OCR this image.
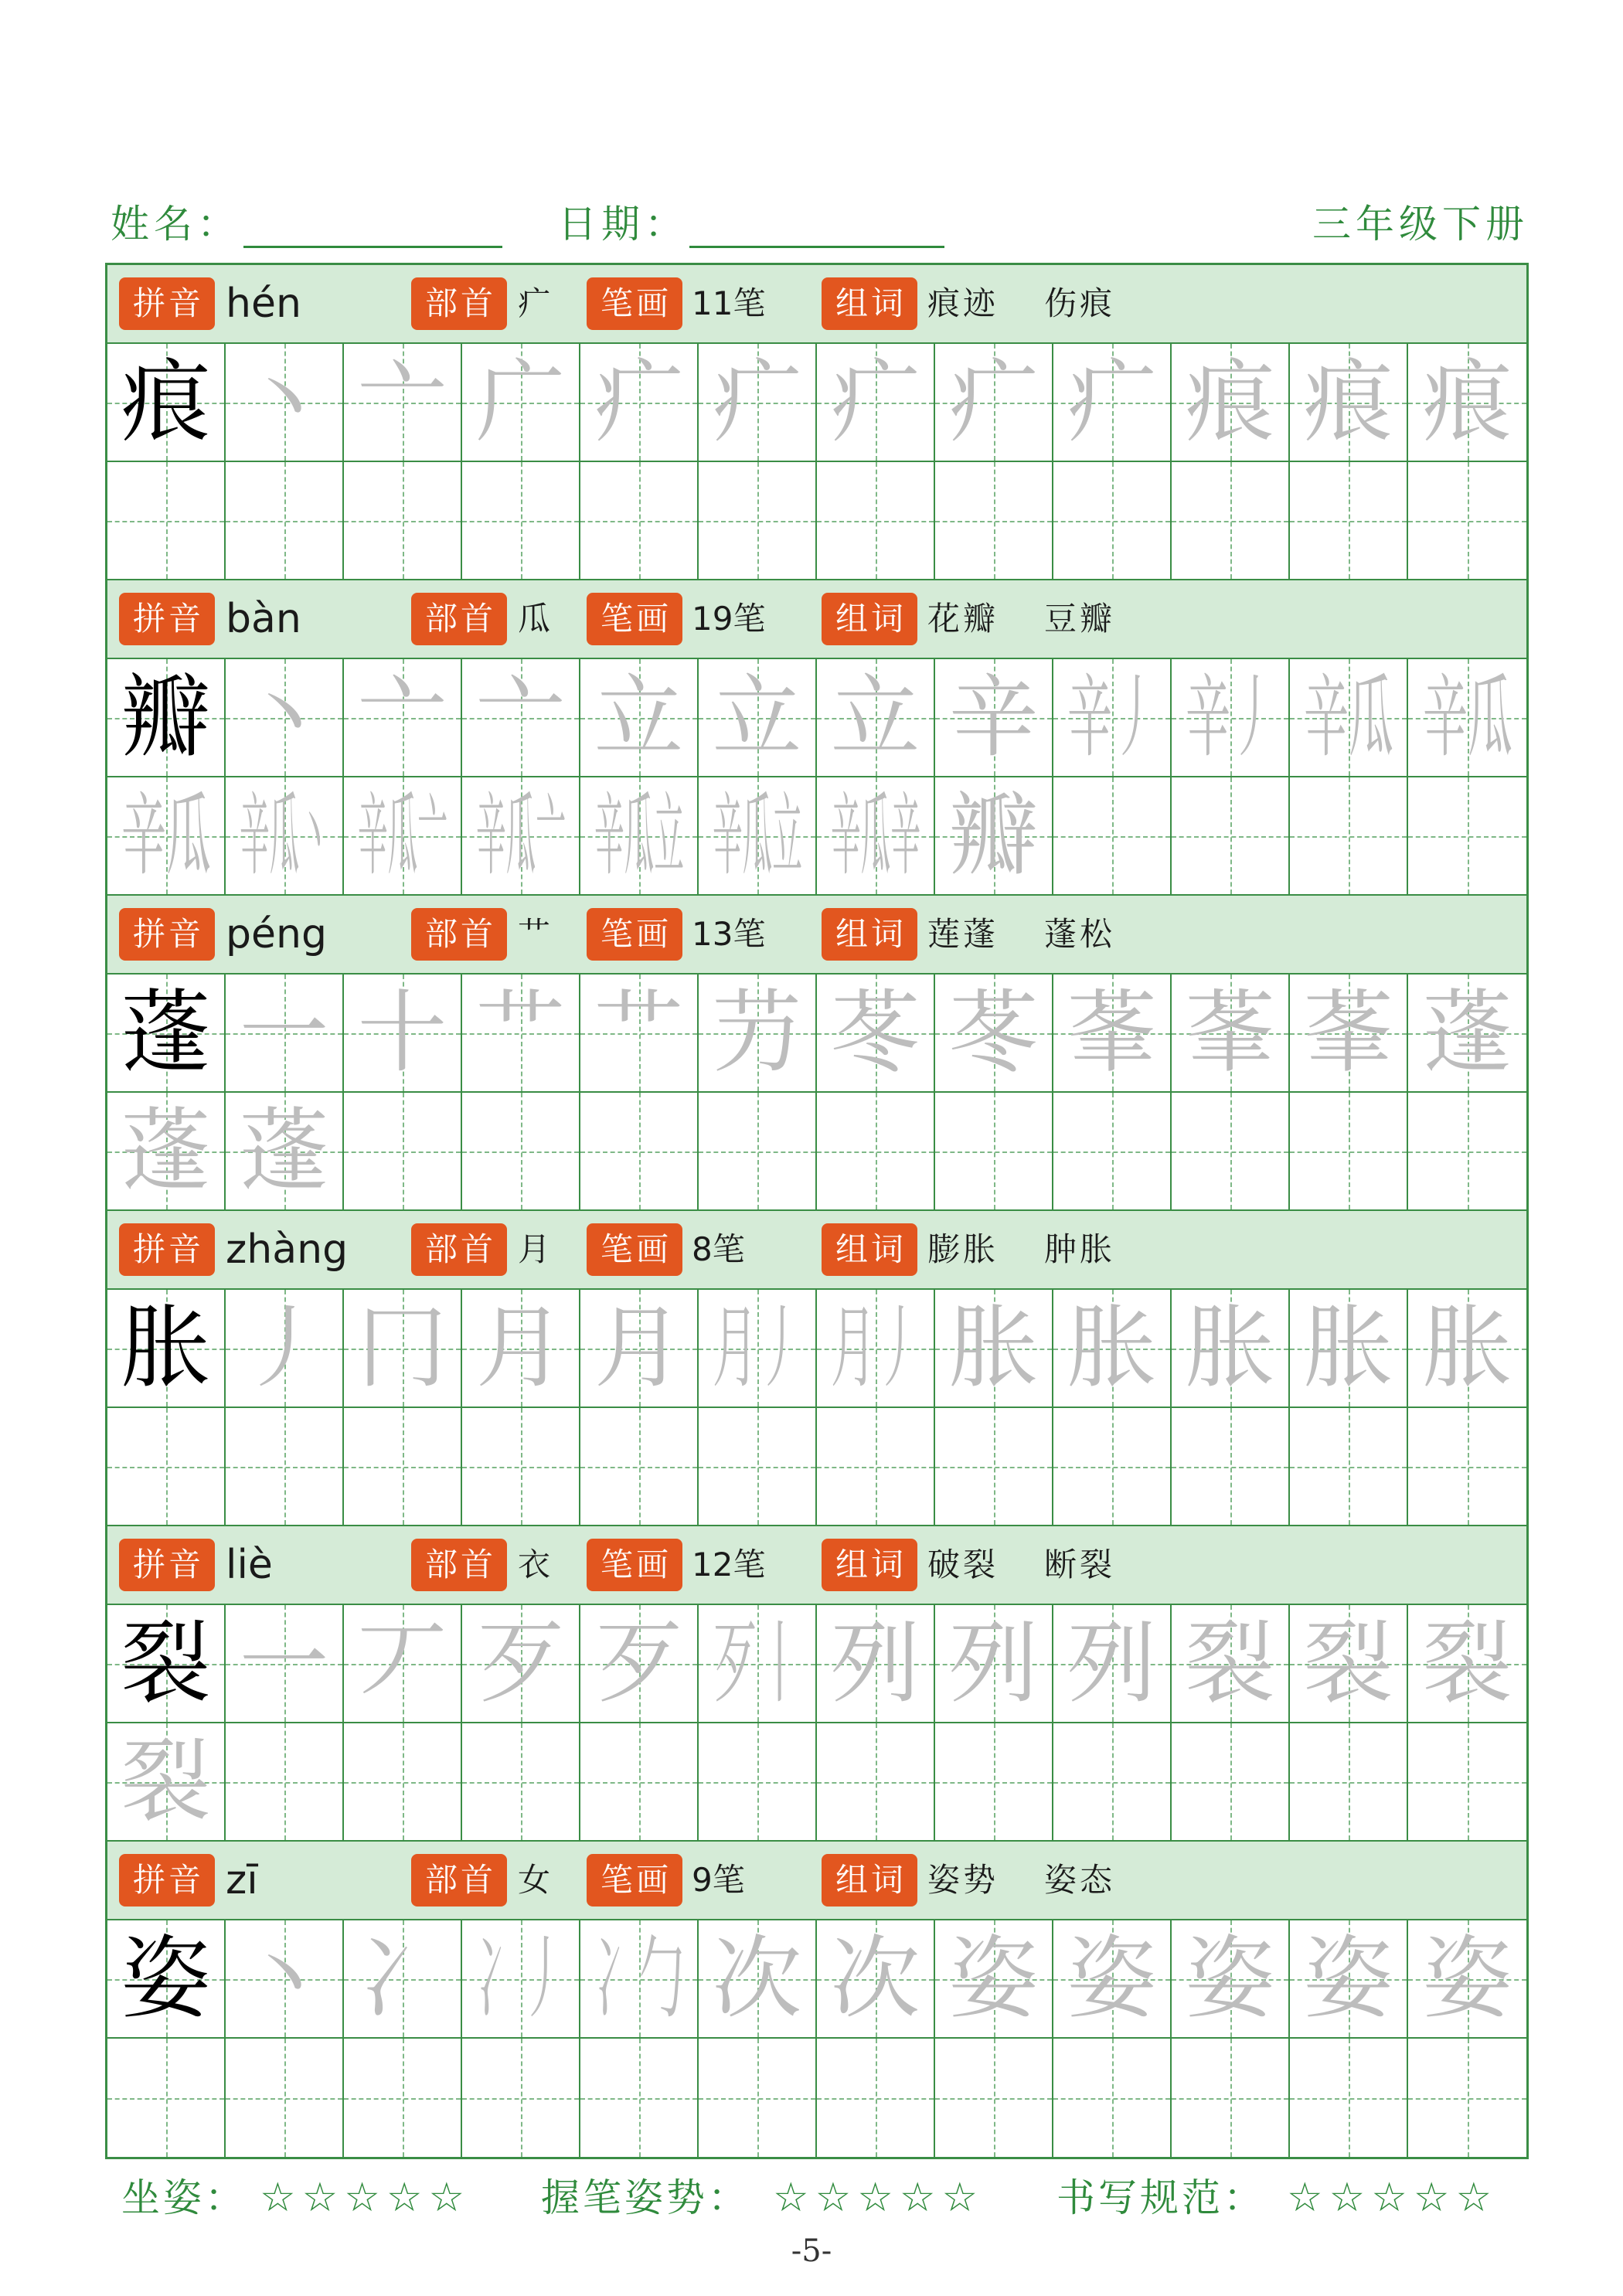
姓名：	日期：	三年级下册
拼音 hén	部首 疒	笔画 11笔	组词 痕迹 伤痕
痕 丶 亠 广 疒 疒 疒 疒 疒 痕 痕 痕
拼音 bàn	部首 瓜	笔画 19笔	组词 花瓣 豆瓣
瓣 丶 亠 亠 立 立 立 辛 辛丿 辛丿 辛瓜 辛瓜
辛瓜 辛瓜丶 辛瓜亠 辛瓜亠 辛瓜立 辛瓜立 辛瓜辛 瓣
拼音 péng	部首 艹	笔画 13笔	组词 莲蓬 蓬松
蓬 一 十 艹 艹 芀 苳 苳 莑 莑 莑 蓬
蓬 蓬
拼音 zhàng	部首 月	笔画 8笔	组词 膨胀 肿胀
胀 丿 冂 月 月 月丿 月丿 胀 胀 胀 胀 胀
拼音 liè	部首 衣	笔画 12笔	组词 破裂 断裂
裂 一 丆 歹 歹 歹丨 列 列 列 裂 裂 裂
裂
拼音 zī	部首 女	笔画 9笔	组词 姿势 姿态
姿 丶 冫 冫丿 冫勹 次 次 姿 姿 姿 姿 姿
坐姿： ☆☆☆☆☆ 握笔姿势： ☆☆☆☆☆ 书写规范： ☆☆☆☆☆
-5-
